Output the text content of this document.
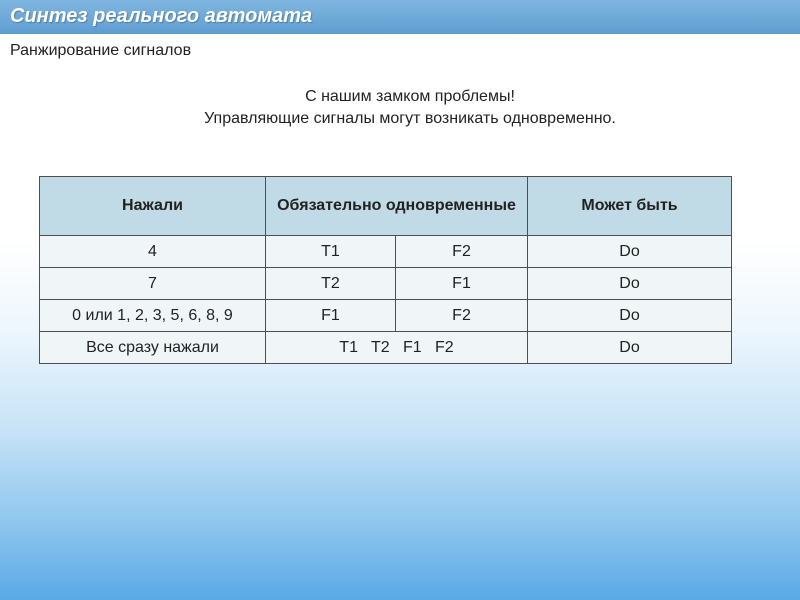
Синтез реального автомата
Ранжирование сигналов
С нашим замком проблемы!
Управляющие сигналы могут возникать одновременно.
Нажали	Обязательно одновременные		Может быть
4	T1	F2	Do
7	T2	F1	Do
0 или 1, 2, 3, 5, 6, 8, 9	F1	F2	Do
Все сразу нажали	T1   T2   F1   F2		Do
